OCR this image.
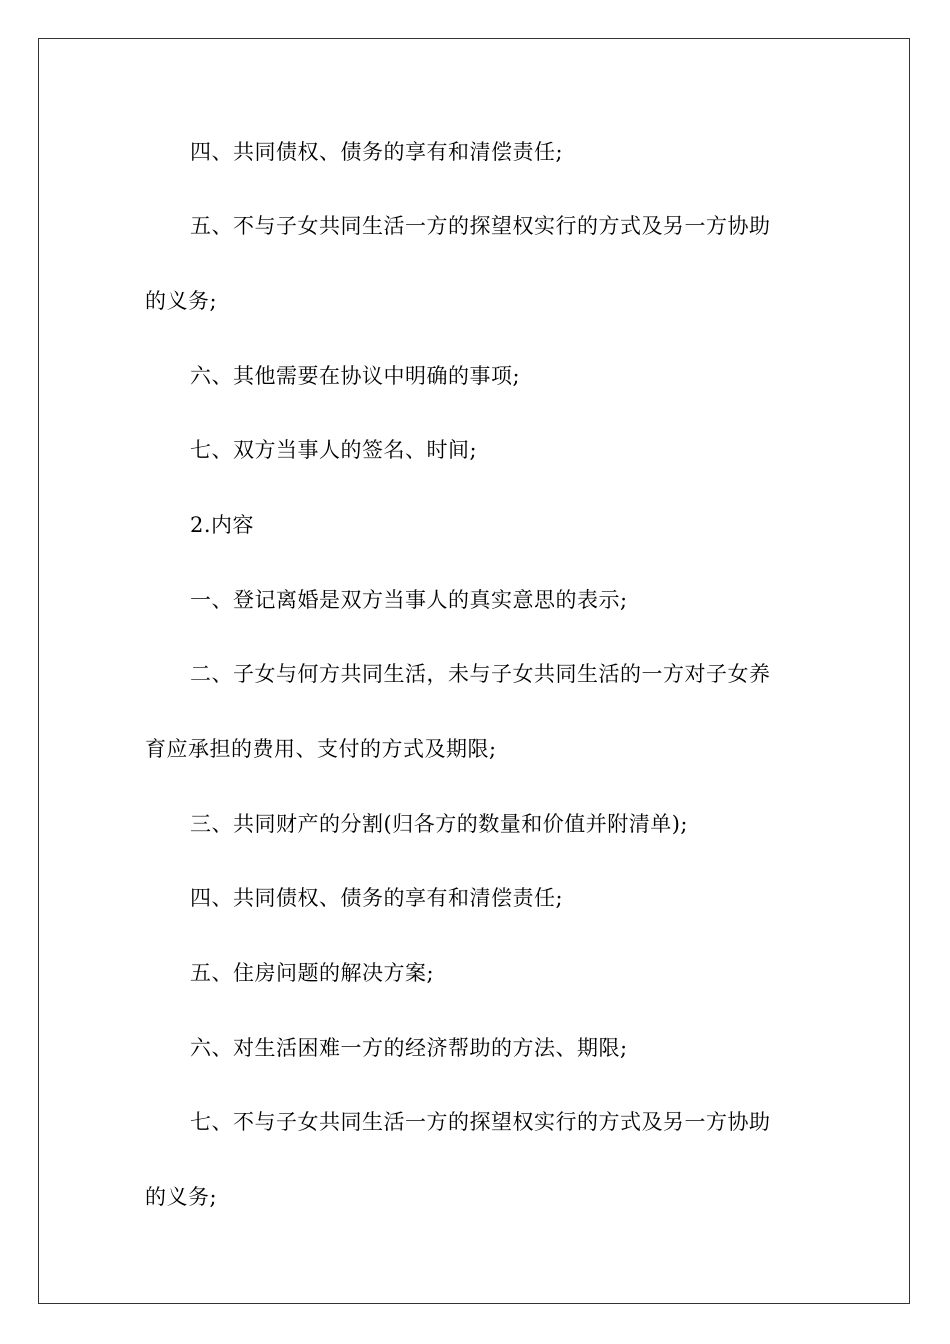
四、共同债权、债务的享有和清偿责任;
五、不与子女共同生活一方的探望权实行的方式及另一方协助
的义务;
六、其他需要在协议中明确的事项;
七、双方当事人的签名、时间;
2.内容
一、登记离婚是双方当事人的真实意思的表示;
二、子女与何方共同生活，未与子女共同生活的一方对子女养
育应承担的费用、支付的方式及期限;
三、共同财产的分割(归各方的数量和价值并附清单);
四、共同债权、债务的享有和清偿责任;
五、住房问题的解决方案;
六、对生活困难一方的经济帮助的方法、期限;
七、不与子女共同生活一方的探望权实行的方式及另一方协助
的义务;
